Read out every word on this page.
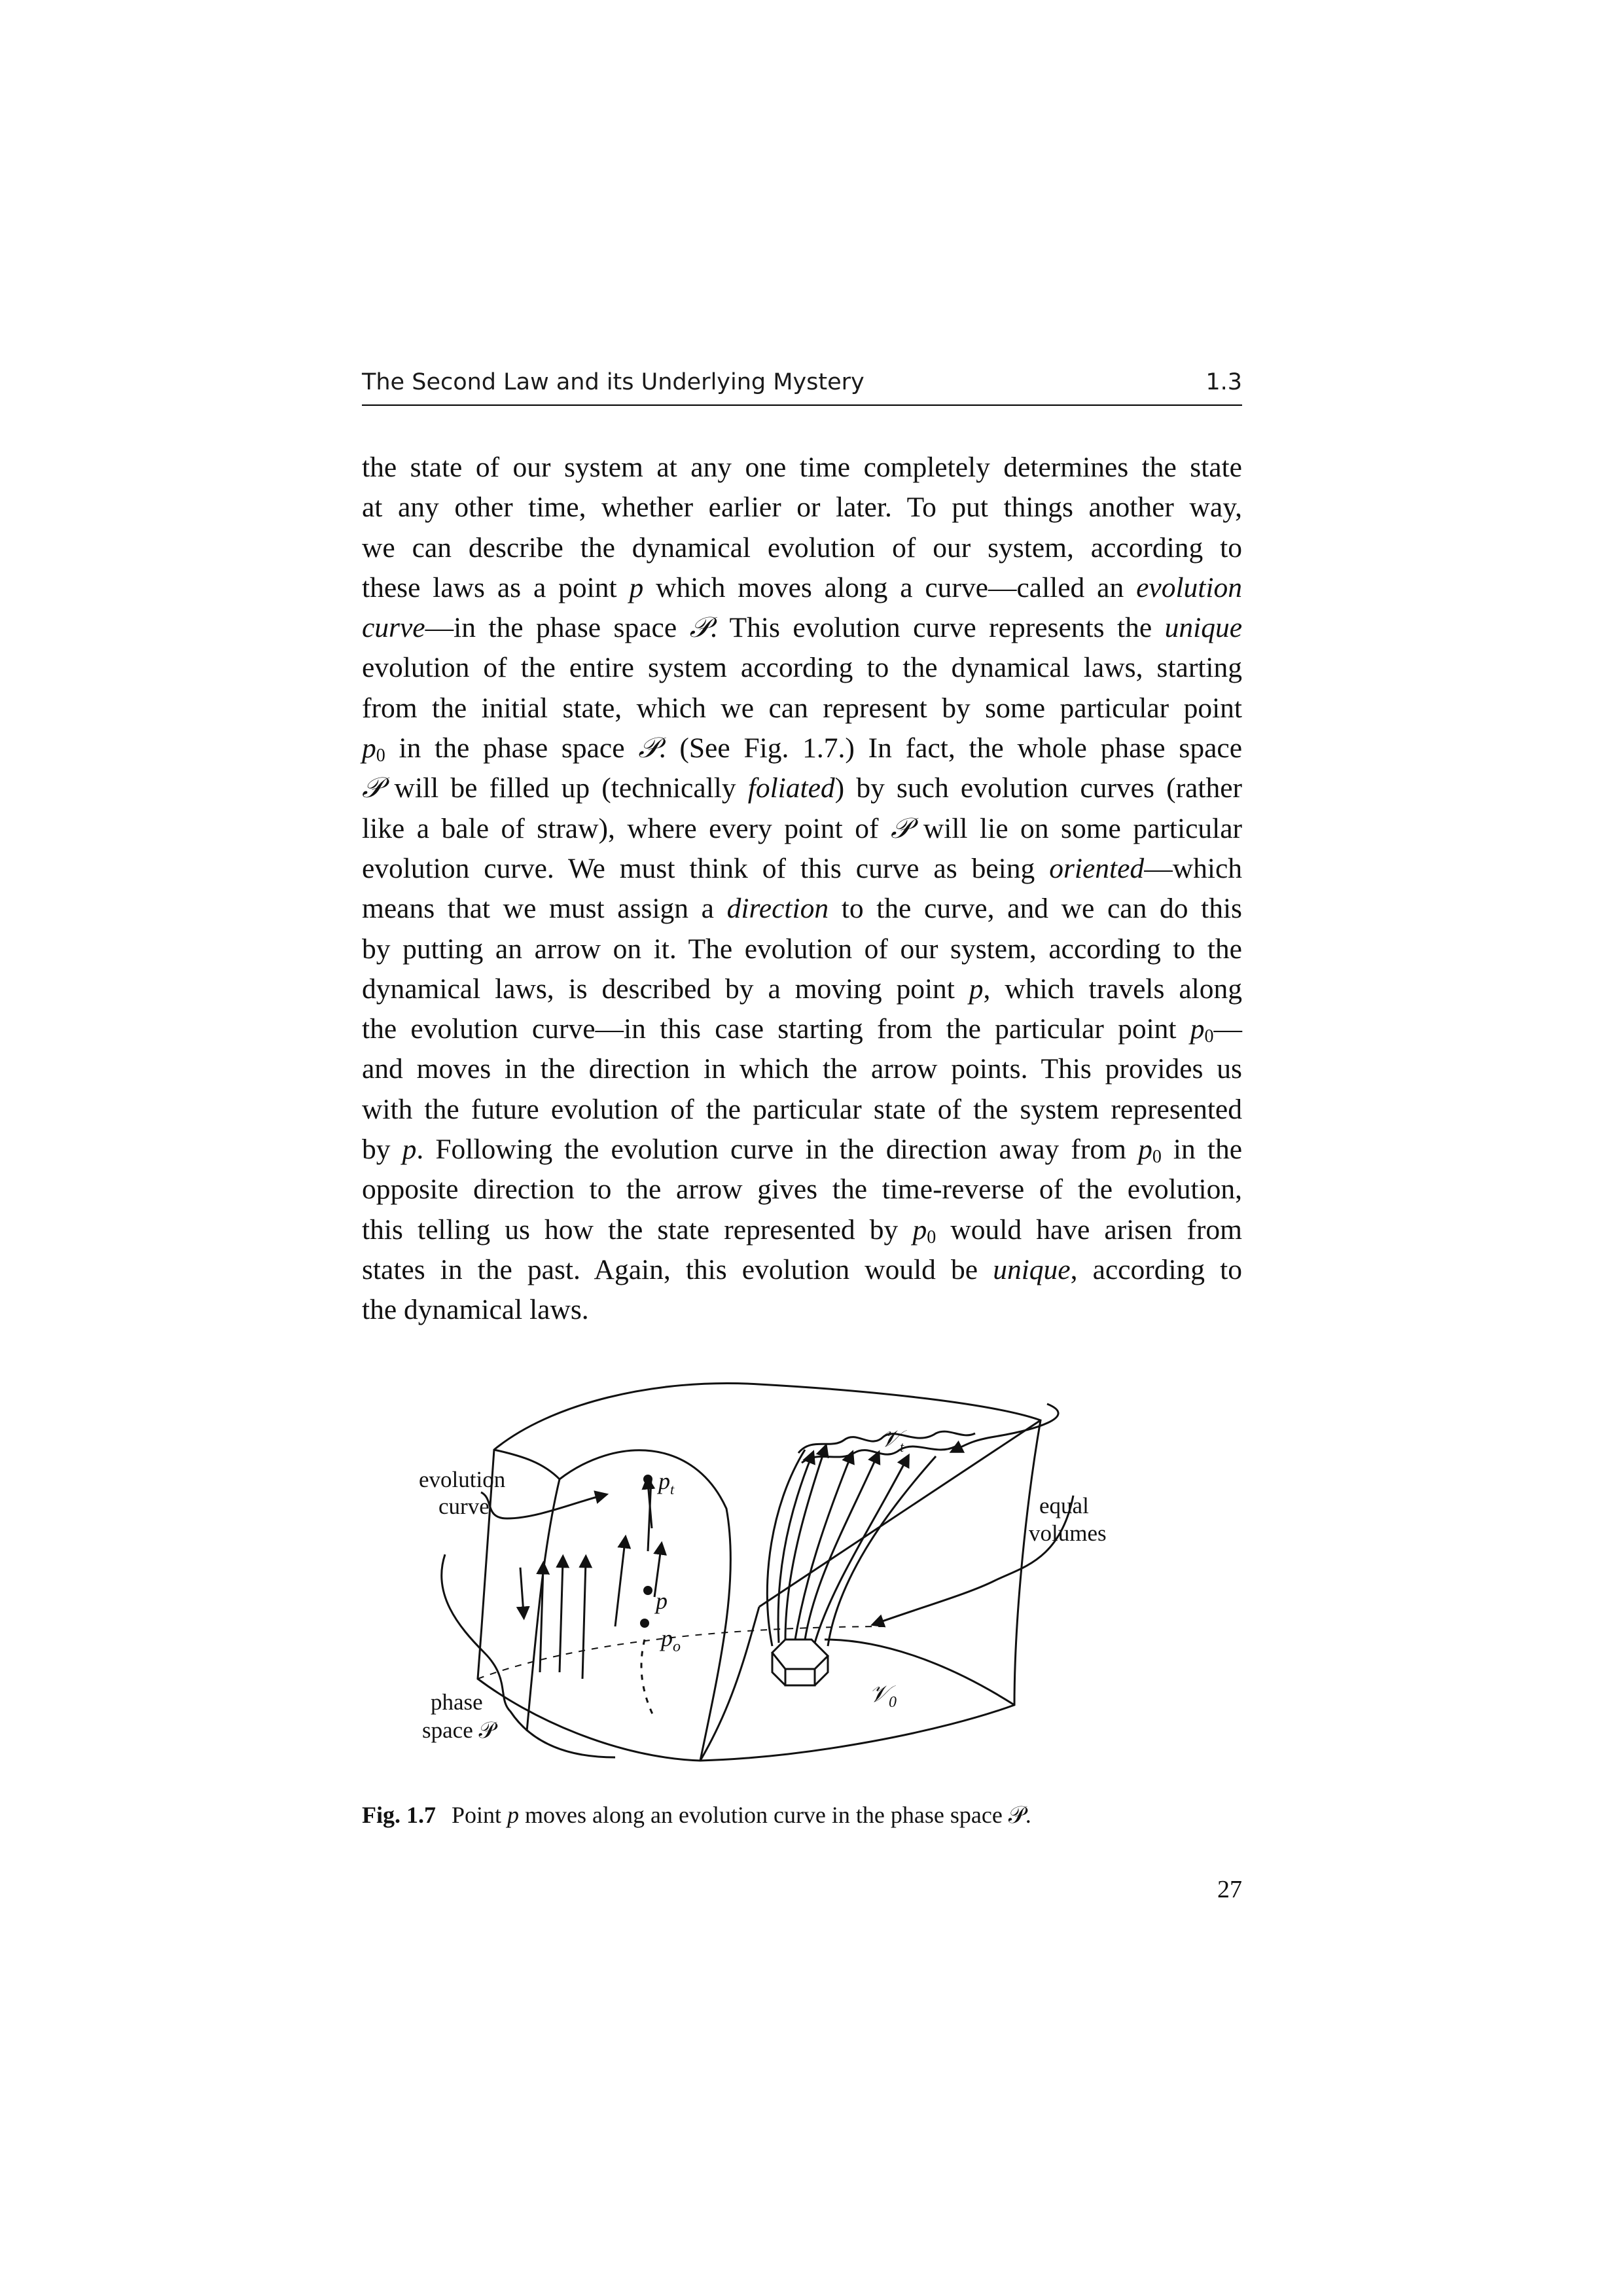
The Second Law and its Underlying Mystery	1.3
the state of our system at any one time completely determines the state
at any other time, whether earlier or later. To put things another way,
we can describe the dynamical evolution of our system, according to
these laws as a point p which moves along a curve—called an evolution
curve—in the phase space 𝒫. This evolution curve represents the unique
evolution of the entire system according to the dynamical laws, starting
from the initial state, which we can represent by some particular point
$p_0$ in the phase space 𝒫. (See Fig. 1.7.) In fact, the whole phase space
𝒫 will be filled up (technically foliated) by such evolution curves (rather
like a bale of straw), where every point of 𝒫 will lie on some particular
evolution curve. We must think of this curve as being oriented—which
means that we must assign a direction to the curve, and we can do this
by putting an arrow on it. The evolution of our system, according to the
dynamical laws, is described by a moving point p, which travels along
the evolution curve—in this case starting from the particular point $p_0—$
and moves in the direction in which the arrow points. This provides us
with the future evolution of the particular state of the system represented
by p. Following the evolution curve in the direction away from $p_0$ in the
opposite direction to the arrow gives the time-reverse of the evolution,
this telling us how the state represented by $p_0$ would have arisen from
states in the past. Again, this evolution would be unique, according to
the dynamical laws.
evolution
curve	equal
volumes
phase
space 𝒫
$p_t$
p
$p_o$
𝒱$_t$
𝒱$_0$
Fig. 1.7 Point p moves along an evolution curve in the phase space 𝒫.
27
